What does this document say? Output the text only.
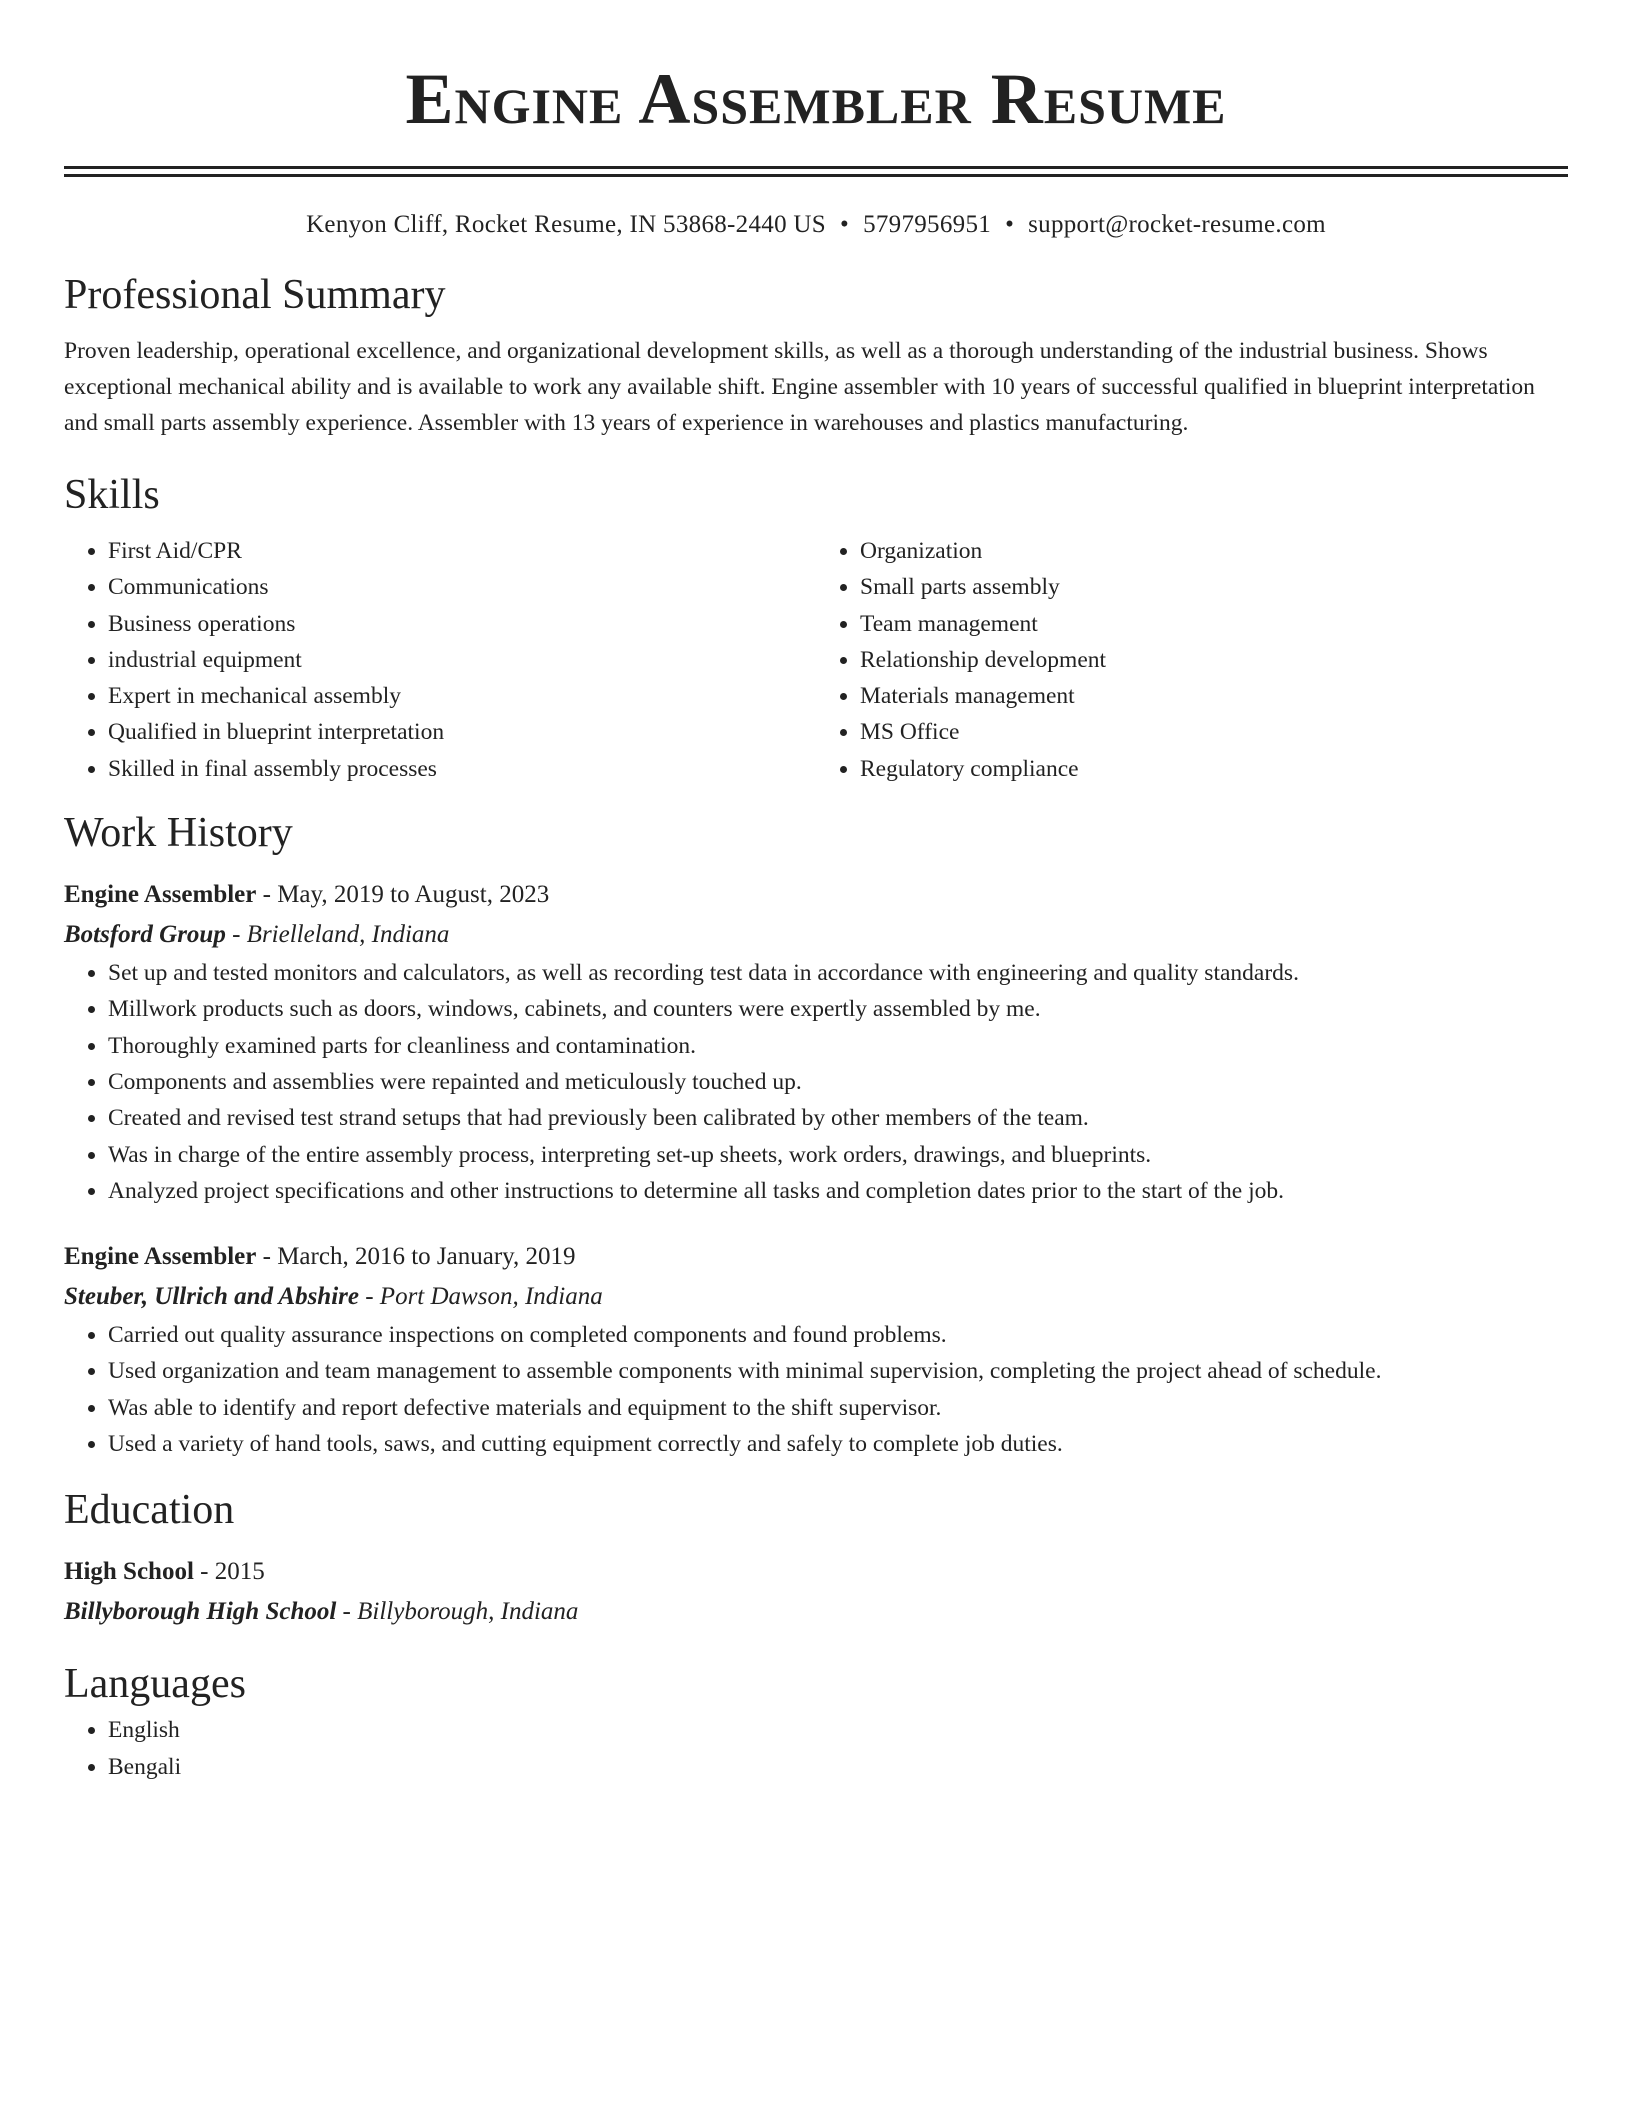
Engine Assembler Resume
Kenyon Cliff, Rocket Resume, IN 53868-2440 US • 5797956951 • support@rocket-resume.com
Professional Summary
Proven leadership, operational excellence, and organizational development skills, as well as a thorough understanding of the industrial business. Shows exceptional mechanical ability and is available to work any available shift. Engine assembler with 10 years of successful qualified in blueprint interpretation and small parts assembly experience. Assembler with 13 years of experience in warehouses and plastics manufacturing.
Skills
• First Aid/CPR
• Communications
• Business operations
• industrial equipment
• Expert in mechanical assembly
• Qualified in blueprint interpretation
• Skilled in final assembly processes
• Organization
• Small parts assembly
• Team management
• Relationship development
• Materials management
• MS Office
• Regulatory compliance
Work History
Engine Assembler - May, 2019 to August, 2023
Botsford Group - Brielleland, Indiana
• Set up and tested monitors and calculators, as well as recording test data in accordance with engineering and quality standards.
• Millwork products such as doors, windows, cabinets, and counters were expertly assembled by me.
• Thoroughly examined parts for cleanliness and contamination.
• Components and assemblies were repainted and meticulously touched up.
• Created and revised test strand setups that had previously been calibrated by other members of the team.
• Was in charge of the entire assembly process, interpreting set-up sheets, work orders, drawings, and blueprints.
• Analyzed project specifications and other instructions to determine all tasks and completion dates prior to the start of the job.
Engine Assembler - March, 2016 to January, 2019
Steuber, Ullrich and Abshire - Port Dawson, Indiana
• Carried out quality assurance inspections on completed components and found problems.
• Used organization and team management to assemble components with minimal supervision, completing the project ahead of schedule.
• Was able to identify and report defective materials and equipment to the shift supervisor.
• Used a variety of hand tools, saws, and cutting equipment correctly and safely to complete job duties.
Education
High School - 2015
Billyborough High School - Billyborough, Indiana
Languages
• English
• Bengali
